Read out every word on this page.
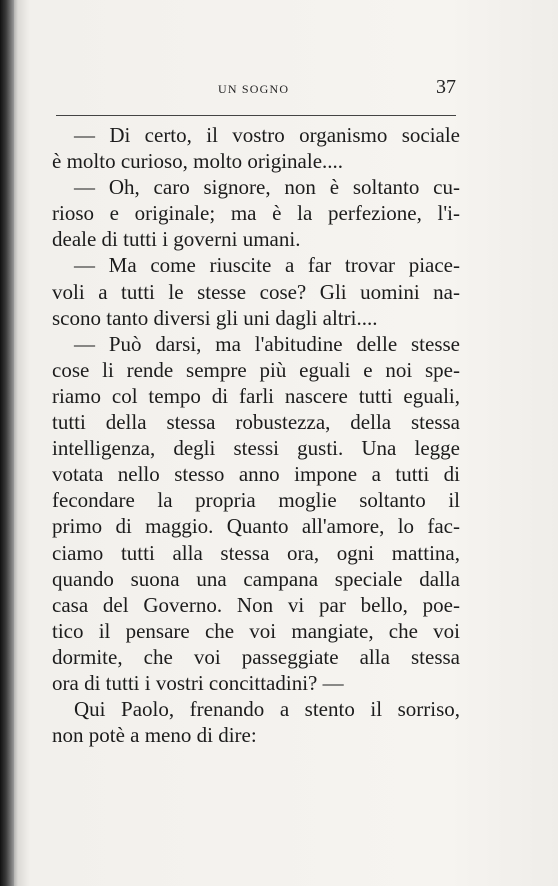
UN SOGNO	37
— Di certo, il vostro organismo sociale
è molto curioso, molto originale....
— Oh, caro signore, non è soltanto cu-
rioso e originale; ma è la perfezione, l'i-
deale di tutti i governi umani.
— Ma come riuscite a far trovar piace-
voli a tutti le stesse cose? Gli uomini na-
scono tanto diversi gli uni dagli altri....
— Può darsi, ma l'abitudine delle stesse
cose li rende sempre più eguali e noi spe-
riamo col tempo di farli nascere tutti eguali,
tutti della stessa robustezza, della stessa
intelligenza, degli stessi gusti. Una legge
votata nello stesso anno impone a tutti di
fecondare la propria moglie soltanto il
primo di maggio. Quanto all'amore, lo fac-
ciamo tutti alla stessa ora, ogni mattina,
quando suona una campana speciale dalla
casa del Governo. Non vi par bello, poe-
tico il pensare che voi mangiate, che voi
dormite, che voi passeggiate alla stessa
ora di tutti i vostri concittadini? —
Qui Paolo, frenando a stento il sorriso,
non potè a meno di dire:
